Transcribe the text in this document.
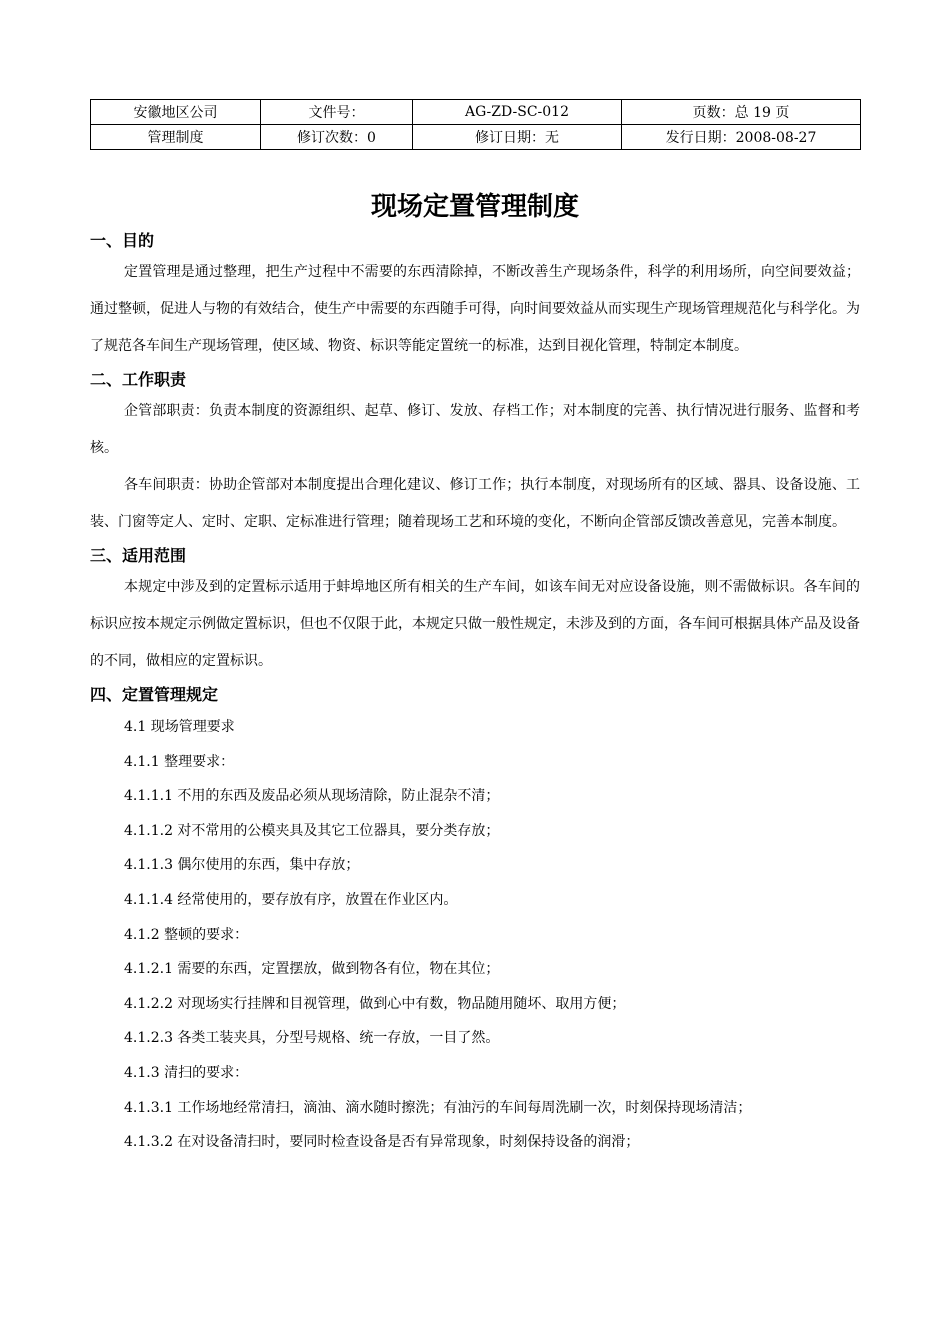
安徽地区公司	文件号：	AG-ZD-SC-012	页数：总 19 页
管理制度	修订次数：0	修订日期：无	发行日期：2008-08-27
现场定置管理制度

一、目的

定置管理是通过整理，把生产过程中不需要的东西清除掉，不断改善生产现场条件，科学的利用场所，向空间要效益；通过整顿，促进人与物的有效结合，使生产中需要的东西随手可得，向时间要效益从而实现生产现场管理规范化与科学化。为了规范各车间生产现场管理，使区域、物资、标识等能定置统一的标准，达到目视化管理，特制定本制度。

二、工作职责

企管部职责：负责本制度的资源组织、起草、修订、发放、存档工作；对本制度的完善、执行情况进行服务、监督和考核。

各车间职责：协助企管部对本制度提出合理化建议、修订工作；执行本制度，对现场所有的区域、器具、设备设施、工装、门窗等定人、定时、定职、定标准进行管理；随着现场工艺和环境的变化，不断向企管部反馈改善意见，完善本制度。

三、适用范围

本规定中涉及到的定置标示适用于蚌埠地区所有相关的生产车间，如该车间无对应设备设施，则不需做标识。各车间的标识应按本规定示例做定置标识，但也不仅限于此，本规定只做一般性规定，未涉及到的方面，各车间可根据具体产品及设备的不同，做相应的定置标识。

四、定置管理规定

4.1 现场管理要求

4.1.1 整理要求：

4.1.1.1 不用的东西及废品必须从现场清除，防止混杂不清；

4.1.1.2 对不常用的公模夹具及其它工位器具，要分类存放；

4.1.1.3 偶尔使用的东西，集中存放；

4.1.1.4 经常使用的，要存放有序，放置在作业区内。

4.1.2 整顿的要求：

4.1.2.1 需要的东西，定置摆放，做到物各有位，物在其位；

4.1.2.2 对现场实行挂牌和目视管理，做到心中有数，物品随用随坏、取用方便；

4.1.2.3 各类工装夹具，分型号规格、统一存放，一目了然。

4.1.3 清扫的要求：

4.1.3.1 工作场地经常清扫，滴油、滴水随时擦洗；有油污的车间每周洗刷一次，时刻保持现场清洁；

4.1.3.2 在对设备清扫时，要同时检查设备是否有异常现象，时刻保持设备的润滑；
